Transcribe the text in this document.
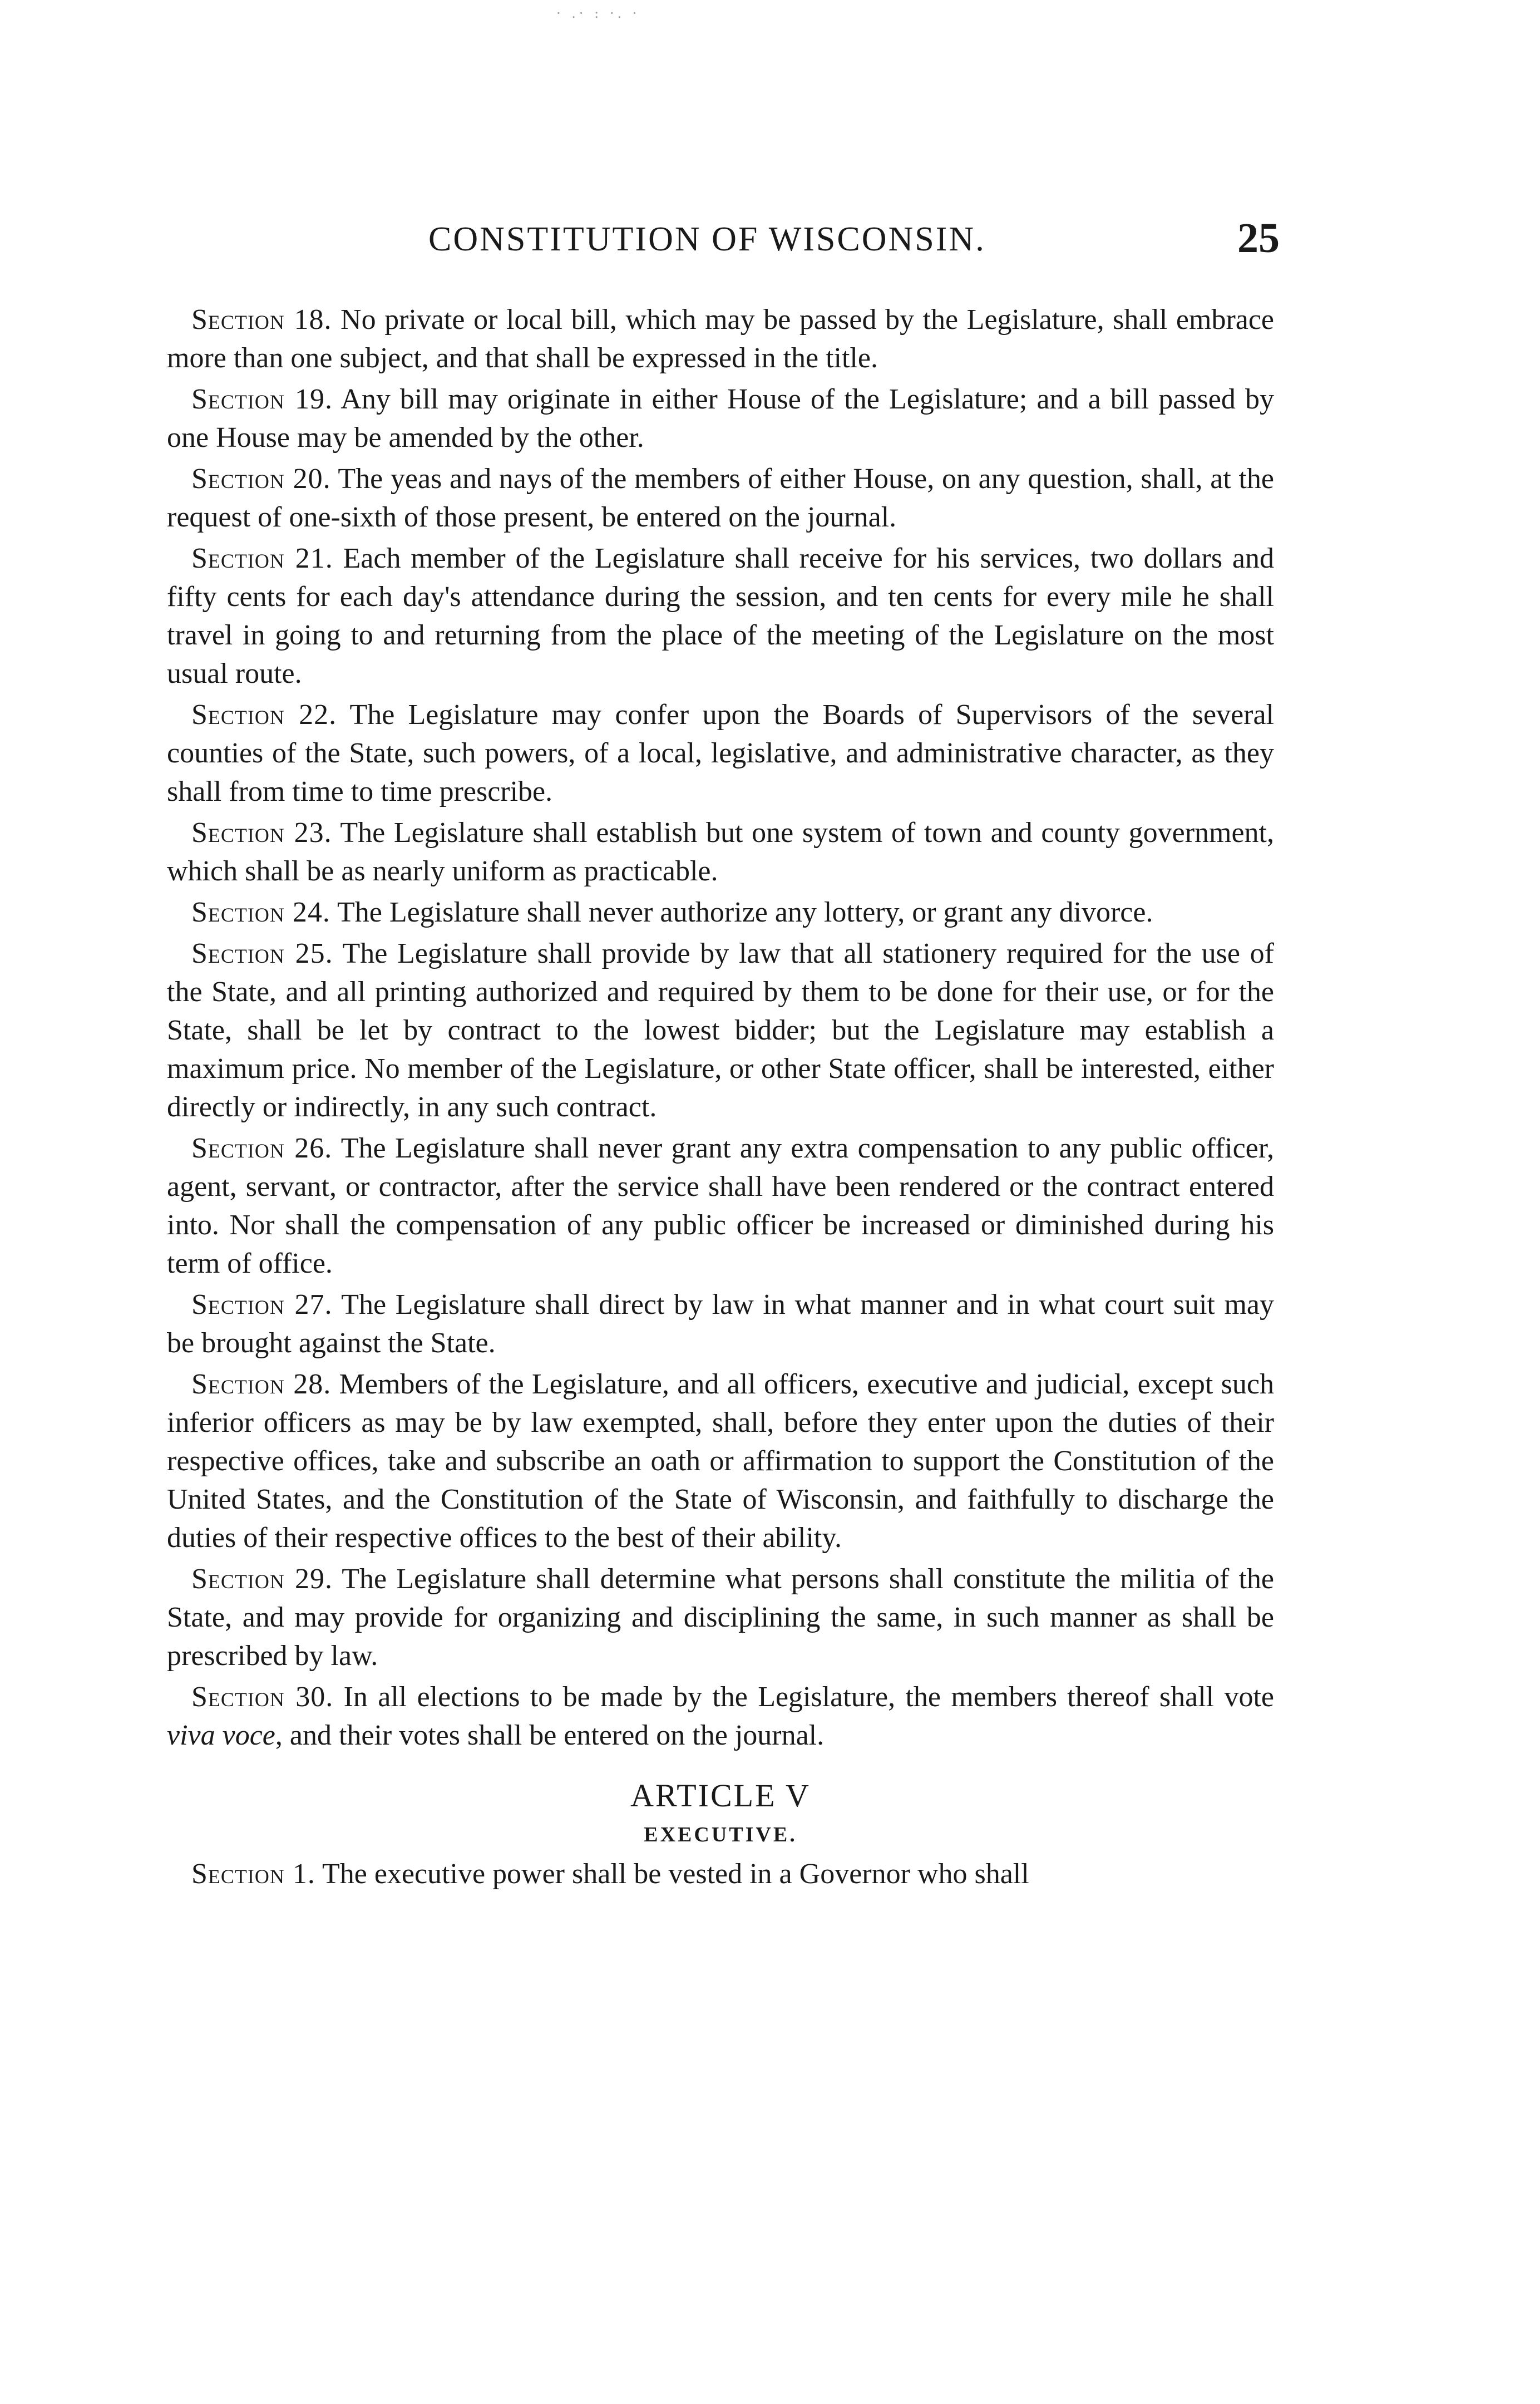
· .· : ·. ·
CONSTITUTION OF WISCONSIN.	25

Section 18. No private or local bill, which may be passed by the Legislature, shall embrace more than one subject, and that shall be expressed in the title.

Section 19. Any bill may originate in either House of the Legislature; and a bill passed by one House may be amended by the other.

Section 20. The yeas and nays of the members of either House, on any question, shall, at the request of one-sixth of those present, be entered on the journal.

Section 21. Each member of the Legislature shall receive for his services, two dollars and fifty cents for each day's attendance during the session, and ten cents for every mile he shall travel in going to and returning from the place of the meeting of the Legislature on the most usual route.

Section 22. The Legislature may confer upon the Boards of Supervisors of the several counties of the State, such powers, of a local, legislative, and administrative character, as they shall from time to time prescribe.

Section 23. The Legislature shall establish but one system of town and county government, which shall be as nearly uniform as practicable.

Section 24. The Legislature shall never authorize any lottery, or grant any divorce.

Section 25. The Legislature shall provide by law that all stationery required for the use of the State, and all printing authorized and required by them to be done for their use, or for the State, shall be let by contract to the lowest bidder; but the Legislature may establish a maximum price. No member of the Legislature, or other State officer, shall be interested, either directly or indirectly, in any such contract.

Section 26. The Legislature shall never grant any extra compensation to any public officer, agent, servant, or contractor, after the service shall have been rendered or the contract entered into. Nor shall the compensation of any public officer be increased or diminished during his term of office.

Section 27. The Legislature shall direct by law in what manner and in what court suit may be brought against the State.

Section 28. Members of the Legislature, and all officers, executive and judicial, except such inferior officers as may be by law exempted, shall, before they enter upon the duties of their respective offices, take and subscribe an oath or affirmation to support the Constitution of the United States, and the Constitution of the State of Wisconsin, and faithfully to discharge the duties of their respective offices to the best of their ability.

Section 29. The Legislature shall determine what persons shall constitute the militia of the State, and may provide for organizing and disciplining the same, in such manner as shall be prescribed by law.

Section 30. In all elections to be made by the Legislature, the members thereof shall vote viva voce, and their votes shall be entered on the journal.

ARTICLE V
EXECUTIVE.

Section 1. The executive power shall be vested in a Governor who shall
